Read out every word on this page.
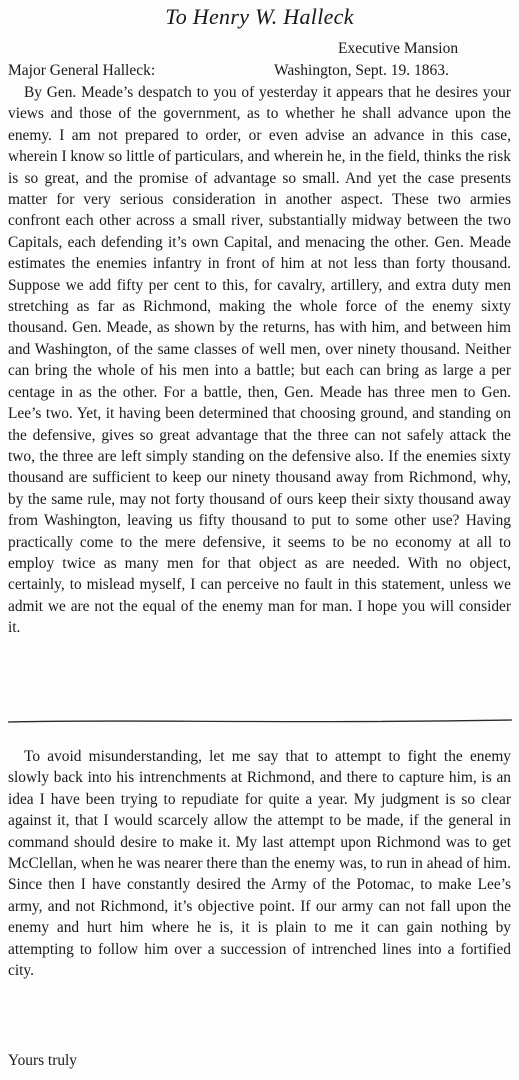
To Henry W. Halleck
Executive Mansion
Major General Halleck:	Washington, Sept. 19. 1863.

By Gen. Meade’s despatch to you of yesterday it appears that he desires your views and those of the government, as to whether he shall advance upon the enemy. I am not prepared to order, or even advise an advance in this case, wherein I know so little of particulars, and wherein he, in the field, thinks the risk is so great, and the promise of advantage so small. And yet the case presents matter for very serious consideration in another aspect. These two armies confront each other across a small river, substantially midway between the two Capitals, each defending it’s own Capital, and menacing the other. Gen. Meade estimates the enemies infantry in front of him at not less than forty thousand. Suppose we add fifty per cent to this, for cavalry, artillery, and extra duty men stretching as far as Richmond, making the whole force of the enemy sixty thousand. Gen. Meade, as shown by the returns, has with him, and between him and Washington, of the same classes of well men, over ninety thousand. Neither can bring the whole of his men into a battle; but each can bring as large a per centage in as the other. For a battle, then, Gen. Meade has three men to Gen. Lee’s two. Yet, it having been determined that choosing ground, and standing on the defensive, gives so great advantage that the three can not safely attack the two, the three are left simply standing on the defensive also. If the enemies sixty thousand are sufficient to keep our ninety thousand away from Richmond, why, by the same rule, may not forty thousand of ours keep their sixty thousand away from Washington, leaving us fifty thousand to put to some other use? Having practically come to the mere defensive, it seems to be no economy at all to employ twice as many men for that object as are needed. With no object, certainly, to mislead myself, I can perceive no fault in this statement, unless we admit we are not the equal of the enemy man for man. I hope you will consider it.

To avoid misunderstanding, let me say that to attempt to fight the enemy slowly back into his intrenchments at Richmond, and there to capture him, is an idea I have been trying to repudiate for quite a year. My judgment is so clear against it, that I would scarcely allow the attempt to be made, if the general in command should desire to make it. My last attempt upon Richmond was to get McClellan, when he was nearer there than the enemy was, to run in ahead of him. Since then I have constantly desired the Army of the Potomac, to make Lee’s army, and not Richmond, it’s objective point. If our army can not fall upon the enemy and hurt him where he is, it is plain to me it can gain nothing by attempting to follow him over a succession of intrenched lines into a fortified city.

Yours truly
